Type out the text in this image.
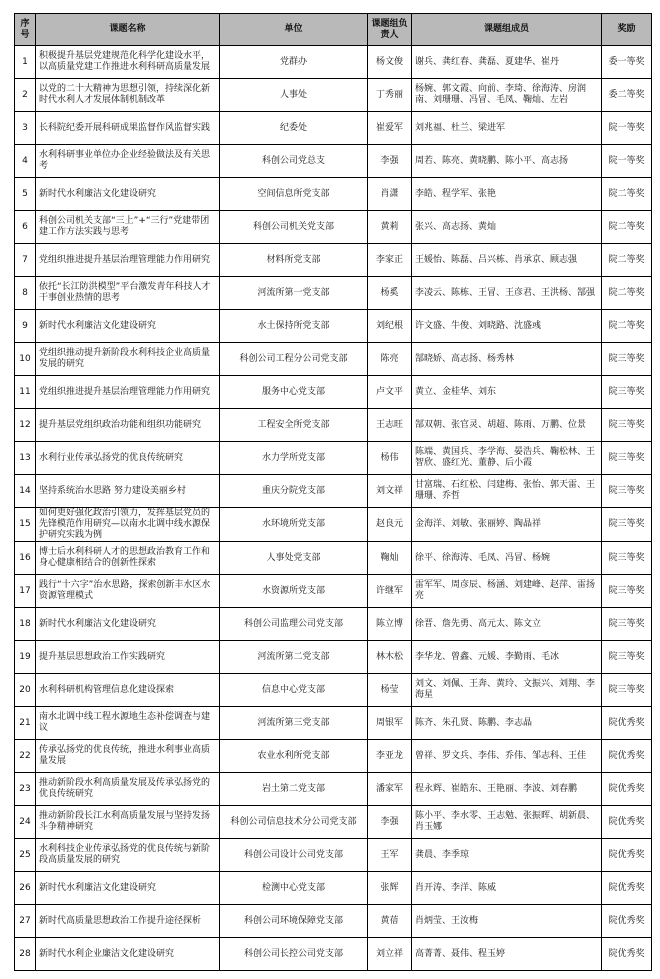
序号	课题名称	单位	课题组负责人	课题组成员	奖励
1	积极提升基层党建规范化科学化建设水平，以高质量党建工作推进水利科研高质量发展	党群办	杨文俊	谢兵、龚红春、龚磊、夏建华、崔丹	委一等奖
2	以党的二十大精神为思想引领，持续深化新时代水利人才发展体制机制改革	人事处	丁秀丽	杨婉、郭文霞、向前、李琦、徐海涛、房润南、刘珊珊、冯冒、毛凤、鞠灿、左岩	委二等奖
3	长科院纪委开展科研成果监督作风监督实践	纪委处	崔爱军	刘兆福、杜兰、梁进军	院一等奖
4	水利科研事业单位办企业经验做法及有关思考	科创公司党总支	李强	周若、陈亮、黄晓鹏、陈小平、高志扬	院一等奖
5	新时代水利廉洁文化建设研究	空间信息所党支部	肖潇	李皓、程学军、张艳	院二等奖
6	科创公司机关支部“三上”+“三行”党建带团建工作方法实践与思考	科创公司机关党支部	黄莉	张兴、高志扬、黄灿	院二等奖
7	党组织推进提升基层治理管理能力作用研究	材料所党支部	李家正	王媛怡、陈磊、吕兴栋、肖承京、顾志强	院二等奖
8	依托“长江防洪模型”平台激发青年科技人才干事创业热情的思考	河流所第一党支部	杨奚	李凌云、陈栋、王冒、王彦君、王洪杨、郜强	院二等奖
9	新时代水利廉洁文化建设研究	水土保持所党支部	刘纪根	许文盛、牛俊、刘晓路、沈盛彧	院二等奖
10	党组织推动提升新阶段水利科技企业高质量发展的研究	科创公司工程分公司党支部	陈亮	郜晓娇、高志扬、杨秀林	院三等奖
11	党组织推进提升基层治理管理能力作用研究	服务中心党支部	卢文平	黄立、金桂华、刘东	院三等奖
12	提升基层党组织政治功能和组织功能研究	工程安全所党支部	王志旺	郜双朝、张官灵、胡超、陈雨、万鹏、位景	院三等奖
13	水利行业传承弘扬党的优良传统研究	水力学所党支部	杨伟	陈端、黄国兵、李学海、晏浩兵、鞠松林、王智欣、盛红光、董静、后小霞	院三等奖
14	坚持系统治水思路 努力建设美丽乡村	重庆分院党支部	刘文祥	甘富瑞、石红松、闫建梅、张怡、郭天雷、王珊珊、乔哲	院三等奖
15	如何更好强化政治引领力，发挥基层党员的先锋模范作用研究—以南水北调中线水源保护研究实践为例	水环境所党支部	赵良元	金海洋、刘敏、张丽婷、陶晶祥	院三等奖
16	博士后水利科研人才的思想政治教育工作和身心健康相结合的创新性探索	人事处党支部	鞠灿	徐平、徐海涛、毛凤、冯冒、杨婉	院三等奖
17	践行“十六字”治水思路，探索创新丰水区水资源管理模式	水资源所党支部	许继军	雷军军、周彦辰、杨涵、刘建峰、赵萍、雷扬亮	院三等奖
18	新时代水利廉洁文化建设研究	科创公司监理公司党支部	陈立博	徐晋、詹先勇、高元太、陈文立	院三等奖
19	提升基层思想政治工作实践研究	河流所第二党支部	林木松	李华龙、曾鑫、元媛、李勤雨、毛冰	院三等奖
20	水利科研机构管理信息化建设探索	信息中心党支部	杨莹	刘文、刘佩、王奔、黄玲、文振兴、刘翔、李海星	院三等奖
21	南水北调中线工程水源地生态补偿调查与建议	河流所第三党支部	周银军	陈齐、朱孔贤、陈鹏、李志晶	院优秀奖
22	传承弘扬党的优良传统，推进水利事业高质量发展	农业水利所党支部	李亚龙	曾祥、罗文兵、李伟、乔伟、邹志科、王佳	院优秀奖
23	推动新阶段水利高质量发展及传承弘扬党的优良传统研究	岩土第二党支部	潘家军	程永辉、崔皓东、王艳丽、李波、刘春鹏	院优秀奖
24	推动新阶段长江水利高质量发展与坚持发扬斗争精神研究	科创公司信息技术分公司党支部	李强	陈小平、李水零、王志勉、张振晖、胡新晨、肖玉娜	院优秀奖
25	水利科技企业传承弘扬党的优良传统与新阶段高质量发展的研究	科创公司设计公司党支部	王军	龚晨、李季琼	院优秀奖
26	新时代水利廉洁文化建设研究	检测中心党支部	张辉	肖开涛、李洋、陈威	院优秀奖
27	新时代高质量思想政治工作提升途径探析	科创公司环境保障党支部	黄蓓	肖炳莹、王汝梅	院优秀奖
28	新时代水利企业廉洁文化建设研究	科创公司长控公司党支部	刘立祥	高菁菁、聂伟、程玉婷	院优秀奖
